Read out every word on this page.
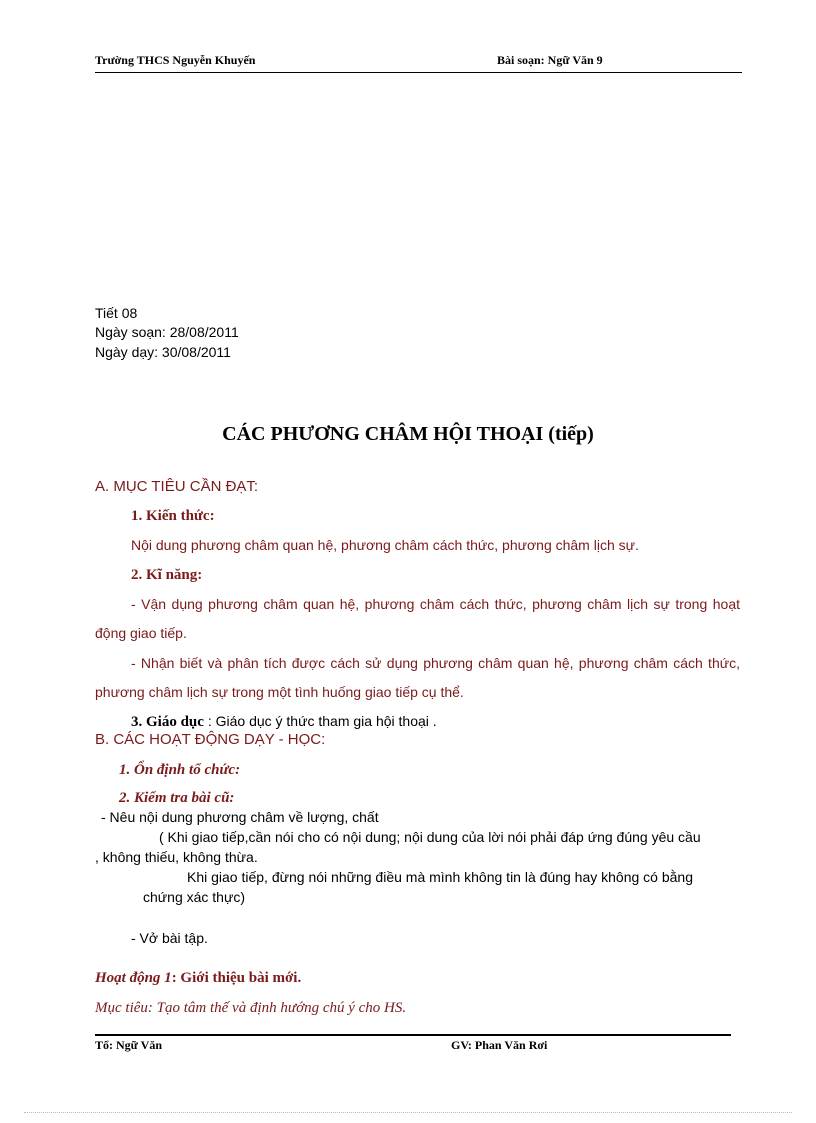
Trường THCS Nguyễn Khuyến	Bài soạn: Ngữ Văn 9
Tiết 08
Ngày soạn: 28/08/2011
Ngày dạy: 30/08/2011
CÁC PHƯƠNG CHÂM HỘI THOẠI (tiếp)
A. MỤC TIÊU CẦN ĐẠT:
1. Kiến thức:
Nội dung phương châm quan hệ, phương châm cách thức, phương châm lịch sự.
2. Kĩ năng:
- Vận dụng phương châm quan hệ, phương châm cách thức, phương châm lịch sự trong hoạt
động giao tiếp.
- Nhận biết và phân tích được cách sử dụng phương châm quan hệ, phương châm cách thức,
phương châm lịch sự trong một tình huống giao tiếp cụ thể.
3. Giáo dục : Giáo dục ý thức tham gia hội thoại .
B. CÁC HOẠT ĐỘNG DẠY - HỌC:
1. Ổn định tổ chức:
2. Kiểm tra bài cũ:
- Nêu nội dung phương châm về lượng, chất
( Khi giao tiếp,cần nói cho có nội dung; nội dung của lời nói phải đáp ứng đúng yêu cầu
, không thiếu, không thừa.
Khi giao tiếp, đừng nói những điều mà mình không tin là đúng hay không có bằng
chứng xác thực)
- Vở bài tập.
Hoạt động 1: Giới thiệu bài mới.
Mục tiêu: Tạo tâm thế và định hướng chú ý cho HS.
Tổ: Ngữ Văn	GV: Phan Văn Rơi
